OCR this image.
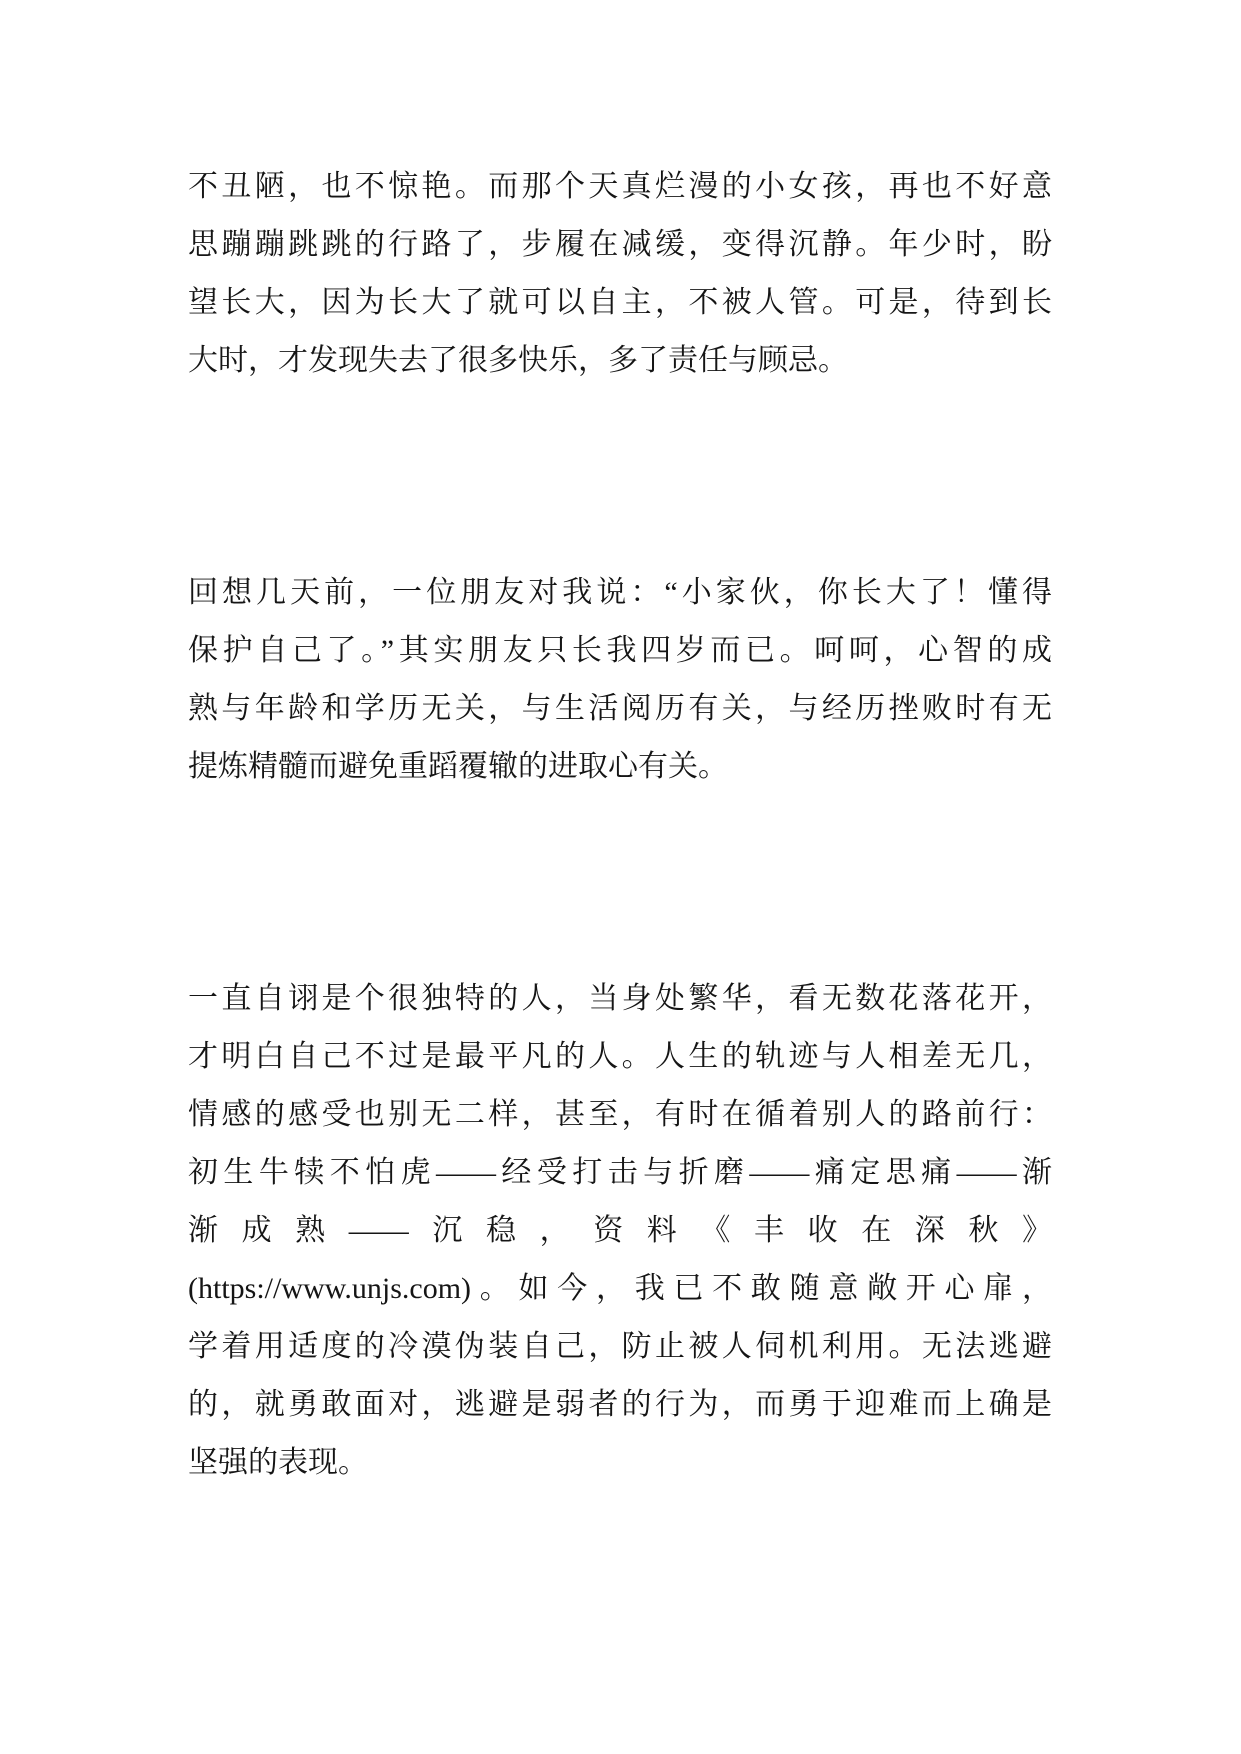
不丑陋，也不惊艳。而那个天真烂漫的小女孩，再也不好意
思蹦蹦跳跳的行路了，步履在减缓，变得沉静。年少时，盼
望长大，因为长大了就可以自主，不被人管。可是，待到长
大时，才发现失去了很多快乐，多了责任与顾忌。
回想几天前，一位朋友对我说：“小家伙，你长大了！懂得
保护自己了。”其实朋友只长我四岁而已。呵呵，心智的成
熟与年龄和学历无关，与生活阅历有关，与经历挫败时有无
提炼精髓而避免重蹈覆辙的进取心有关。
一直自诩是个很独特的人，当身处繁华，看无数花落花开，
才明白自己不过是最平凡的人。人生的轨迹与人相差无几，
情感的感受也别无二样，甚至，有时在循着别人的路前行：
初生牛犊不怕虎——经受打击与折磨——痛定思痛——渐
渐成熟——沉稳，资料《丰收在深秋》
(https://www.unjs.com)。如今，我已不敢随意敞开心扉，
学着用适度的冷漠伪装自己，防止被人伺机利用。无法逃避
的，就勇敢面对，逃避是弱者的行为，而勇于迎难而上确是
坚强的表现。
